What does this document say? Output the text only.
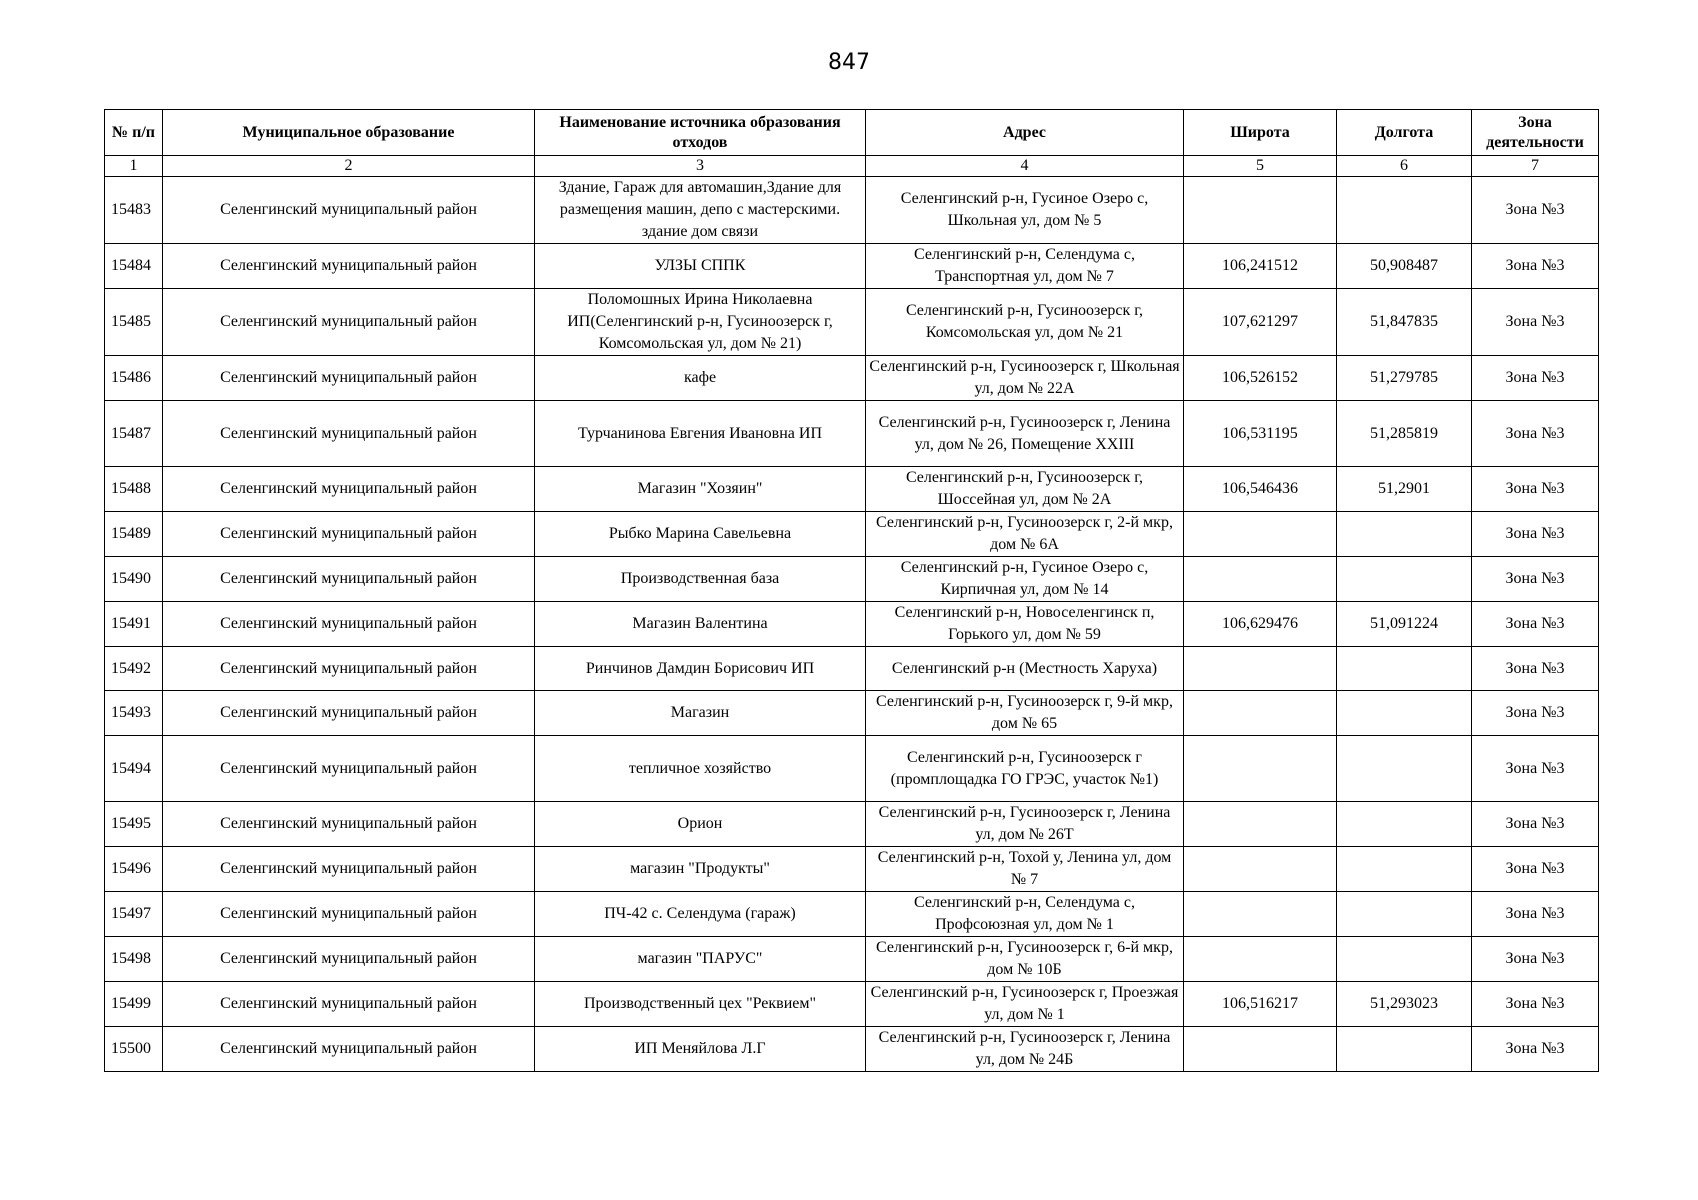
847
№ п/п	Муниципальное образование	Наименование источника образования отходов	Адрес	Широта	Долгота	Зона деятельности
1	2	3	4	5	6	7
15483	Селенгинский муниципальный район	Здание, Гараж для автомашин,Здание для размещения машин, депо с мастерскими. здание дом связи	Селенгинский р-н, Гусиное Озеро с, Школьная ул, дом № 5			Зона №3
15484	Селенгинский муниципальный район	УЛЗЫ СППК	Селенгинский р-н, Селендума с, Транспортная ул, дом № 7	106,241512	50,908487	Зона №3
15485	Селенгинский муниципальный район	Поломошных Ирина Николаевна ИП(Селенгинский р-н, Гусиноозерск г, Комсомольская ул, дом № 21)	Селенгинский р-н, Гусиноозерск г, Комсомольская ул, дом № 21	107,621297	51,847835	Зона №3
15486	Селенгинский муниципальный район	кафе	Селенгинский р-н, Гусиноозерск г, Школьная ул, дом № 22А	106,526152	51,279785	Зона №3
15487	Селенгинский муниципальный район	Турчанинова Евгения Ивановна ИП	Селенгинский р-н, Гусиноозерск г, Ленина ул, дом № 26, Помещение XXIII	106,531195	51,285819	Зона №3
15488	Селенгинский муниципальный район	Магазин "Хозяин"	Селенгинский р-н, Гусиноозерск г, Шоссейная ул, дом № 2А	106,546436	51,2901	Зона №3
15489	Селенгинский муниципальный район	Рыбко Марина Савельевна	Селенгинский р-н, Гусиноозерск г, 2-й мкр, дом № 6А			Зона №3
15490	Селенгинский муниципальный район	Производственная база	Селенгинский р-н, Гусиное Озеро с, Кирпичная ул, дом № 14			Зона №3
15491	Селенгинский муниципальный район	Магазин Валентина	Селенгинский р-н, Новоселенгинск п, Горького ул, дом № 59	106,629476	51,091224	Зона №3
15492	Селенгинский муниципальный район	Ринчинов Дамдин Борисович ИП	Селенгинский р-н (Местность Харуха)			Зона №3
15493	Селенгинский муниципальный район	Магазин	Селенгинский р-н, Гусиноозерск г, 9-й мкр, дом № 65			Зона №3
15494	Селенгинский муниципальный район	тепличное хозяйство	Селенгинский р-н, Гусиноозерск г (промплощадка ГО ГРЭС, участок №1)			Зона №3
15495	Селенгинский муниципальный район	Орион	Селенгинский р-н, Гусиноозерск г, Ленина ул, дом № 26Т			Зона №3
15496	Селенгинский муниципальный район	магазин "Продукты"	Селенгинский р-н, Тохой у, Ленина ул, дом № 7			Зона №3
15497	Селенгинский муниципальный район	ПЧ-42 с. Селендума (гараж)	Селенгинский р-н, Селендума с, Профсоюзная ул, дом № 1			Зона №3
15498	Селенгинский муниципальный район	магазин "ПАРУС"	Селенгинский р-н, Гусиноозерск г, 6-й мкр, дом № 10Б			Зона №3
15499	Селенгинский муниципальный район	Производственный цех "Реквием"	Селенгинский р-н, Гусиноозерск г, Проезжая ул, дом № 1	106,516217	51,293023	Зона №3
15500	Селенгинский муниципальный район	ИП Меняйлова Л.Г	Селенгинский р-н, Гусиноозерск г, Ленина ул, дом № 24Б			Зона №3
